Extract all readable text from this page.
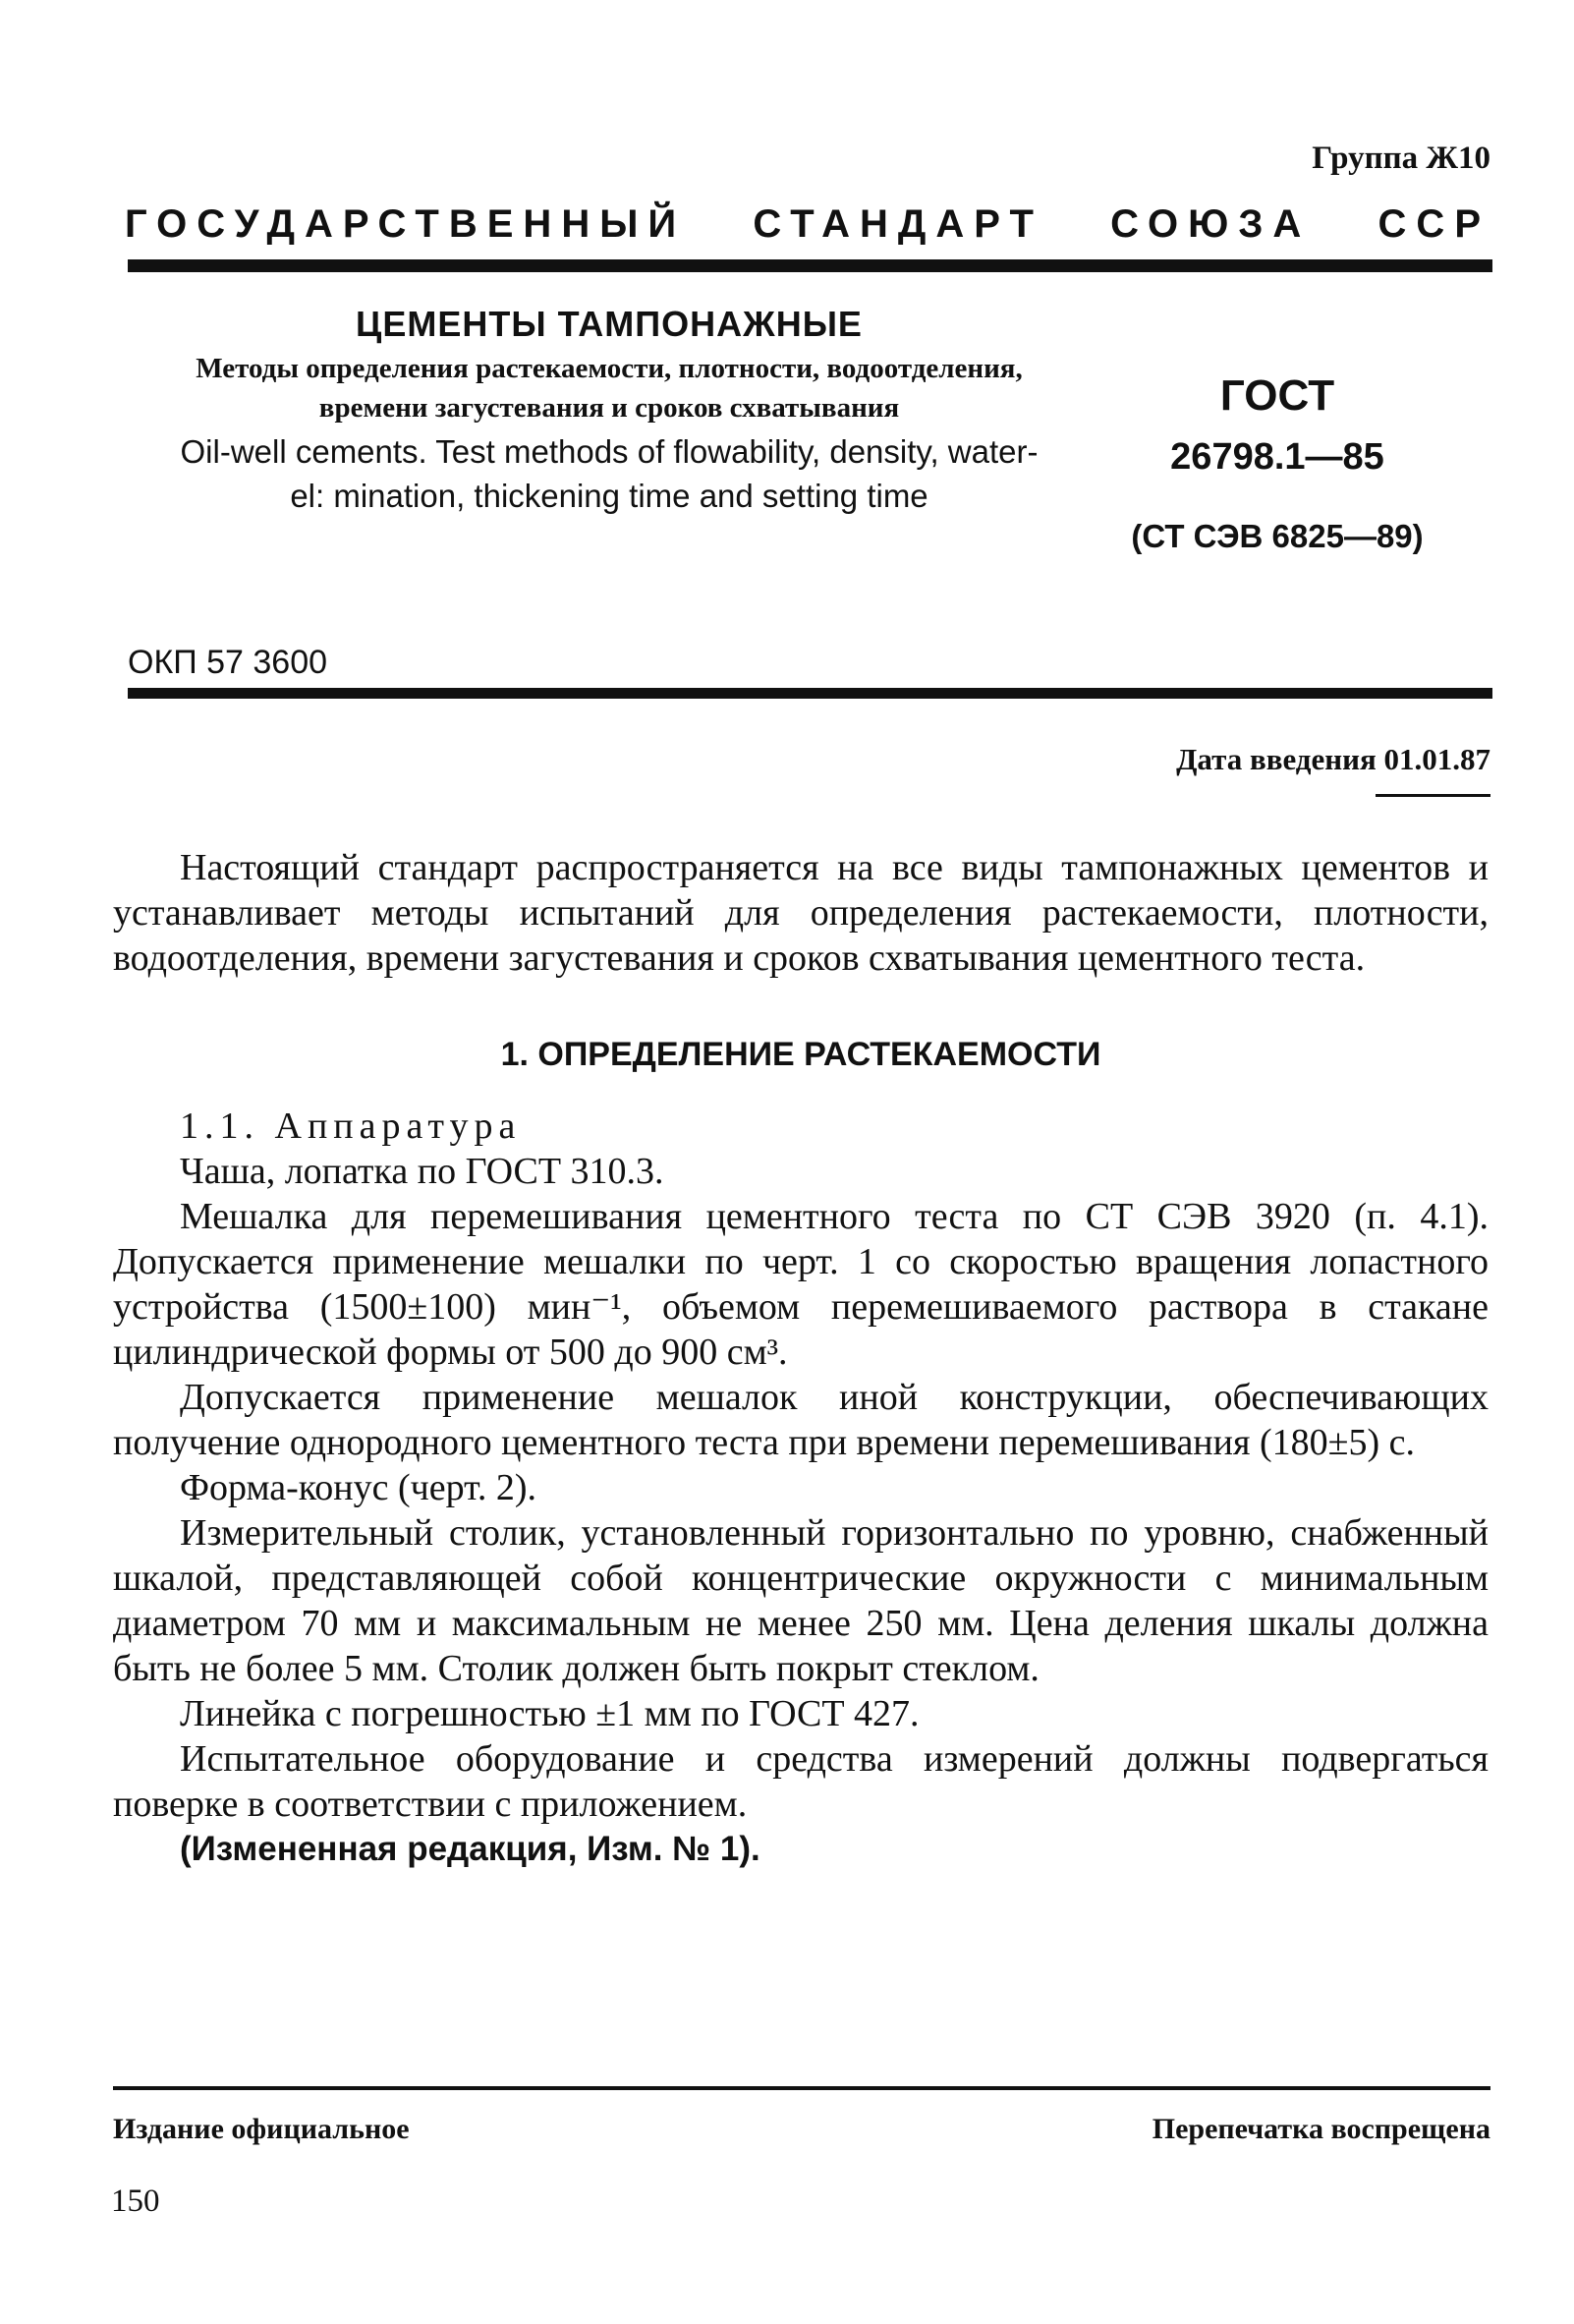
Группа Ж10
ГОСУДАРСТВЕННЫЙ СТАНДАРТ СОЮЗА ССР
ЦЕМЕНТЫ ТАМПОНАЖНЫЕ
Методы определения растекаемости, плотности, водоотделения, времени загустевания и сроков схватывания
Oil-well cements. Test methods of flowability, density, water-el: mination, thickening time and setting time
ГОСТ
26798.1—85
(СТ СЭВ 6825—89)
ОКП 57 3600
Дата введения 01.01.87

Настоящий стандарт распространяется на все виды тампонажных цементов и устанавливает методы испытаний для определения растекаемости, плотности, водоотделения, времени загустевания и сроков схватывания цементного теста.

1. ОПРЕДЕЛЕНИЕ РАСТЕКАЕМОСТИ

1.1. Аппаратура

Чаша, лопатка по ГОСТ 310.3.

Мешалка для перемешивания цементного теста по СТ СЭВ 3920 (п. 4.1). Допускается применение мешалки по черт. 1 со скоростью вращения лопастного устройства (1500±100) мин⁻¹, объемом перемешиваемого раствора в стакане цилиндрической формы от 500 до 900 см³.

Допускается применение мешалок иной конструкции, обеспечивающих получение однородного цементного теста при времени перемешивания (180±5) с.

Форма-конус (черт. 2).

Измерительный столик, установленный горизонтально по уровню, снабженный шкалой, представляющей собой концентрические окружности с минимальным диаметром 70 мм и максимальным не менее 250 мм. Цена деления шкалы должна быть не более 5 мм. Столик должен быть покрыт стеклом.

Линейка с погрешностью ±1 мм по ГОСТ 427.

Испытательное оборудование и средства измерений должны подвергаться поверке в соответствии с приложением.

(Измененная редакция, Изм. № 1).

Издание официальное	Перепечатка воспрещена
150
